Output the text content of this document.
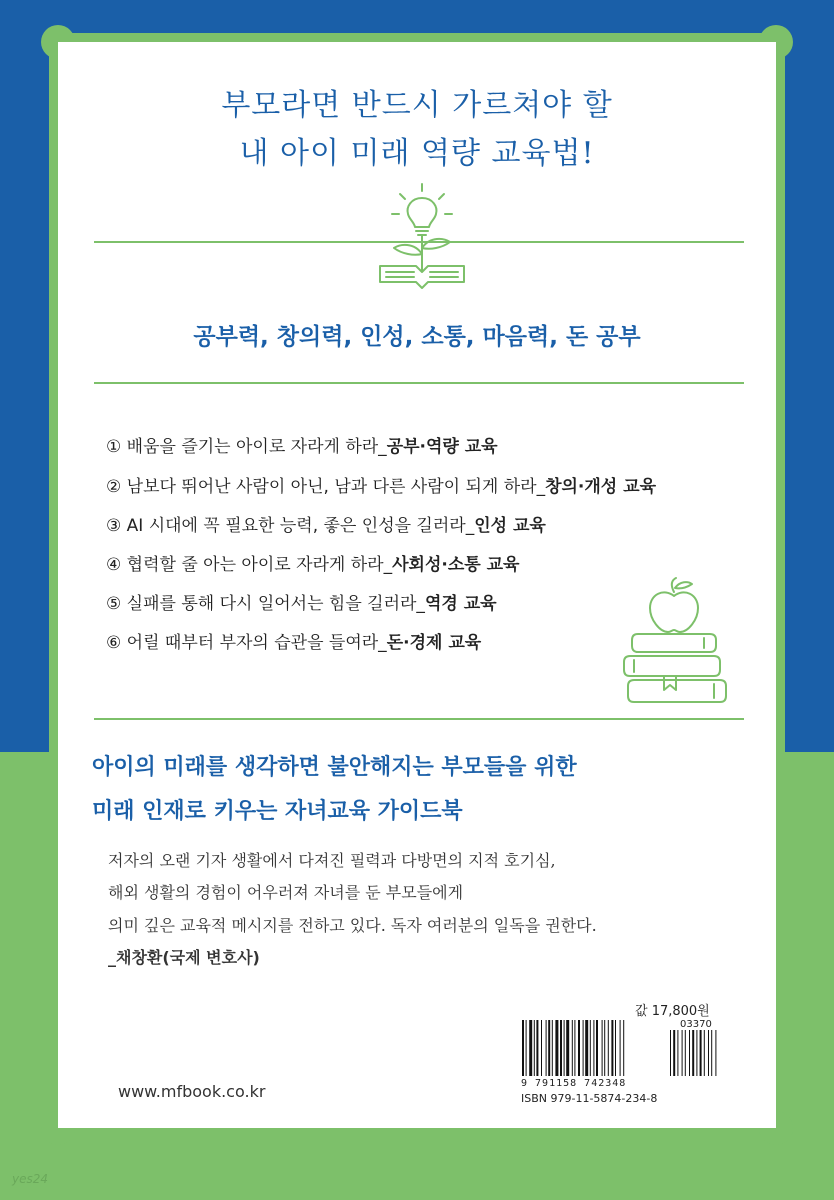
부모라면 반드시 가르쳐야 할
내 아이 미래 역량 교육법!
공부력, 창의력, 인성, 소통, 마음력, 돈 공부
① 배움을 즐기는 아이로 자라게 하라_공부·역량 교육
② 남보다 뛰어난 사람이 아닌, 남과 다른 사람이 되게 하라_창의·개성 교육
③ AI 시대에 꼭 필요한 능력, 좋은 인성을 길러라_인성 교육
④ 협력할 줄 아는 아이로 자라게 하라_사회성·소통 교육
⑤ 실패를 통해 다시 일어서는 힘을 길러라_역경 교육
⑥ 어릴 때부터 부자의 습관을 들여라_돈·경제 교육
아이의 미래를 생각하면 불안해지는 부모들을 위한
미래 인재로 키우는 자녀교육 가이드북
저자의 오랜 기자 생활에서 다져진 필력과 다방면의 지적 호기심,
해외 생활의 경험이 어우러져 자녀를 둔 부모들에게
의미 깊은 교육적 메시지를 전하고 있다. 독자 여러분의 일독을 권한다.
_채창환(국제 변호사)
값 17,800원
03370
9 791158 742348
ISBN 979-11-5874-234-8
www.mfbook.co.kr
yes24
